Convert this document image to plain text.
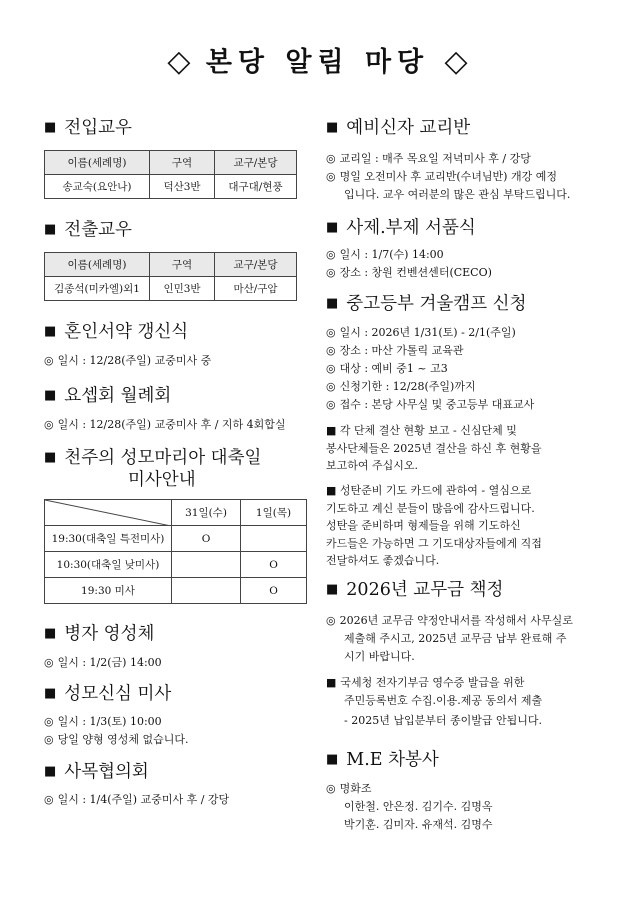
◇ 본당 알림 마당 ◇
■ 전입교우
이름(세례명)	구역	교구/본당
송교숙(요안나)	덕산3반	대구대/현풍
■ 전출교우
이름(세례명)	구역	교구/본당
김종석(미카엘)외1	인민3반	마산/구암
■ 혼인서약 갱신식
◎ 일시 : 12/28(주일) 교중미사 중
■ 요셉회 월례회
◎ 일시 : 12/28(주일) 교중미사 후 / 지하 4회합실
■ 천주의 성모마리아 대축일
미사안내
	31일(수)	1일(목)
19:30(대축일 특전미사)	O	
10:30(대축일 낮미사)		O
19:30 미사		O
■ 병자 영성체
◎ 일시 : 1/2(금) 14:00
■ 성모신심 미사
◎ 일시 : 1/3(토) 10:00
◎ 당일 양형 영성체 없습니다.
■ 사목협의회
◎ 일시 : 1/4(주일) 교중미사 후 / 강당
■ 예비신자 교리반
◎ 교리일 : 매주 목요일 저녁미사 후 / 강당
◎ 명일 오전미사 후 교리반(수녀님반) 개강 예정
입니다. 교우 여러분의 많은 관심 부탁드립니다.
■ 사제.부제 서품식
◎ 일시 : 1/7(수) 14:00
◎ 장소 : 창원 컨벤션센터(CECO)
■ 중고등부 겨울캠프 신청
◎ 일시 : 2026년 1/31(토) - 2/1(주일)
◎ 장소 : 마산 가톨릭 교육관
◎ 대상 : 예비 중1 ~ 고3
◎ 신청기한 : 12/28(주일)까지
◎ 접수 : 본당 사무실 및 중고등부 대표교사
■ 각 단체 결산 현황 보고 - 신심단체 및
봉사단체들은 2025년 결산을 하신 후 현황을
보고하여 주십시오.
■ 성탄준비 기도 카드에 관하여 - 열심으로
기도하고 계신 분들이 많음에 감사드립니다.
성탄을 준비하며 형제들을 위해 기도하신
카드들은 가능하면 그 기도대상자들에게 직접
전달하셔도 좋겠습니다.
■ 2026년 교무금 책정
◎ 2026년 교무금 약정안내서를 작성해서 사무실로
제출해 주시고, 2025년 교무금 납부 완료해 주
시기 바랍니다.
■ 국세청 전자기부금 영수증 발급을 위한
주민등록번호 수집.이용.제공 동의서 제출
- 2025년 납입분부터 종이발급 안됩니다.
■ M.E 차봉사
◎ 명화조
이한철. 안은정. 김기수. 김명옥
박기훈. 김미자. 유재석. 김명수
